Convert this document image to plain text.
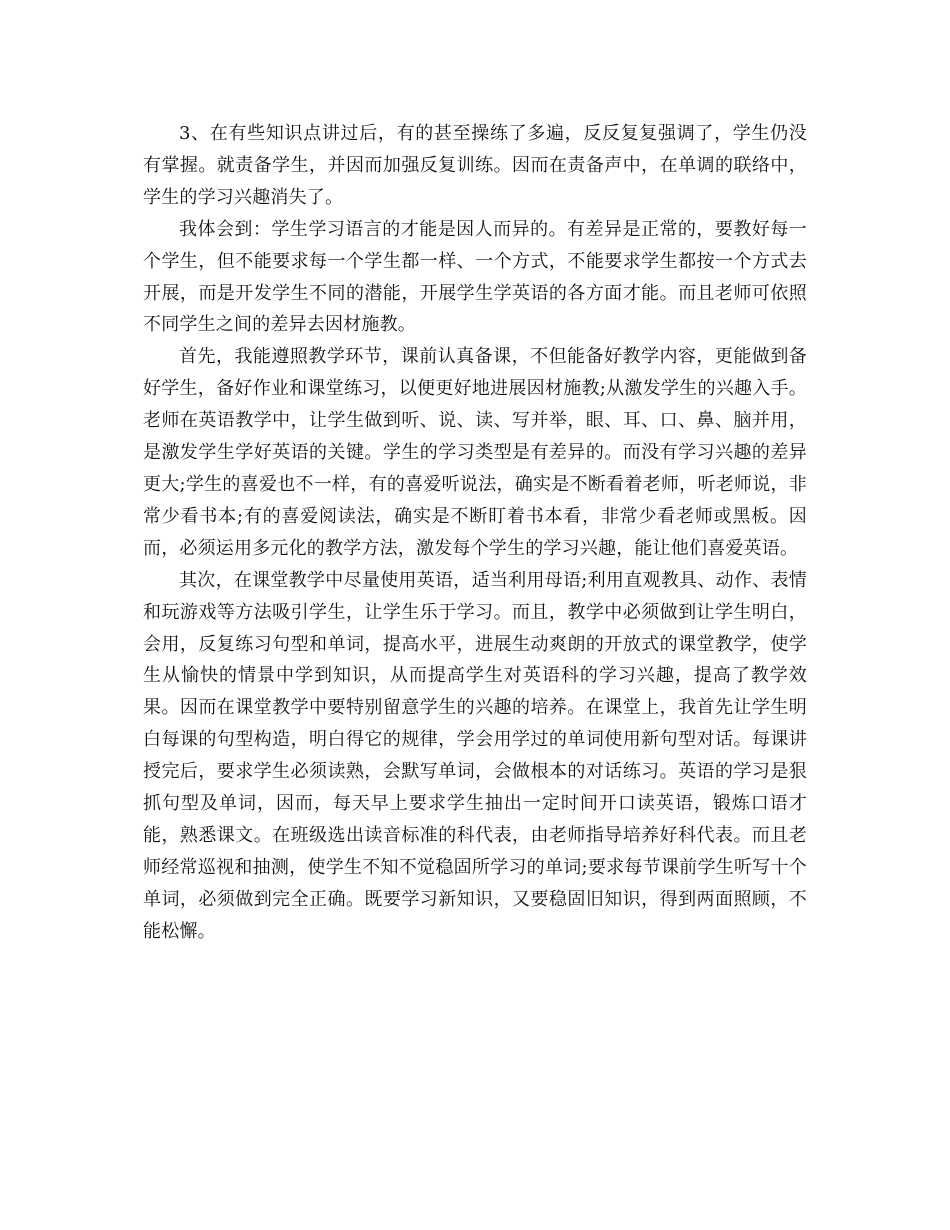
3、在有些知识点讲过后，有的甚至操练了多遍，反反复复强调了，学生仍没有掌握。就责备学生，并因而加强反复训练。因而在责备声中，在单调的联络中，学生的学习兴趣消失了。

我体会到：学生学习语言的才能是因人而异的。有差异是正常的，要教好每一个学生，但不能要求每一个学生都一样、一个方式，不能要求学生都按一个方式去开展，而是开发学生不同的潜能，开展学生学英语的各方面才能。而且老师可依照不同学生之间的差异去因材施教。

首先，我能遵照教学环节，课前认真备课，不但能备好教学内容，更能做到备好学生，备好作业和课堂练习，以便更好地进展因材施教;从激发学生的兴趣入手。老师在英语教学中，让学生做到听、说、读、写并举，眼、耳、口、鼻、脑并用，是激发学生学好英语的关键。学生的学习类型是有差异的。而没有学习兴趣的差异更大;学生的喜爱也不一样，有的喜爱听说法，确实是不断看着老师，听老师说，非常少看书本;有的喜爱阅读法，确实是不断盯着书本看，非常少看老师或黑板。因而，必须运用多元化的教学方法，激发每个学生的学习兴趣，能让他们喜爱英语。

其次，在课堂教学中尽量使用英语，适当利用母语;利用直观教具、动作、表情和玩游戏等方法吸引学生，让学生乐于学习。而且，教学中必须做到让学生明白，会用，反复练习句型和单词，提高水平，进展生动爽朗的开放式的课堂教学，使学生从愉快的情景中学到知识，从而提高学生对英语科的学习兴趣，提高了教学效果。因而在课堂教学中要特别留意学生的兴趣的培养。在课堂上，我首先让学生明白每课的句型构造，明白得它的规律，学会用学过的单词使用新句型对话。每课讲授完后，要求学生必须读熟，会默写单词，会做根本的对话练习。英语的学习是狠抓句型及单词，因而，每天早上要求学生抽出一定时间开口读英语，锻炼口语才能，熟悉课文。在班级选出读音标准的科代表，由老师指导培养好科代表。而且老师经常巡视和抽测，使学生不知不觉稳固所学习的单词;要求每节课前学生听写十个单词，必须做到完全正确。既要学习新知识，又要稳固旧知识，得到两面照顾，不能松懈。
